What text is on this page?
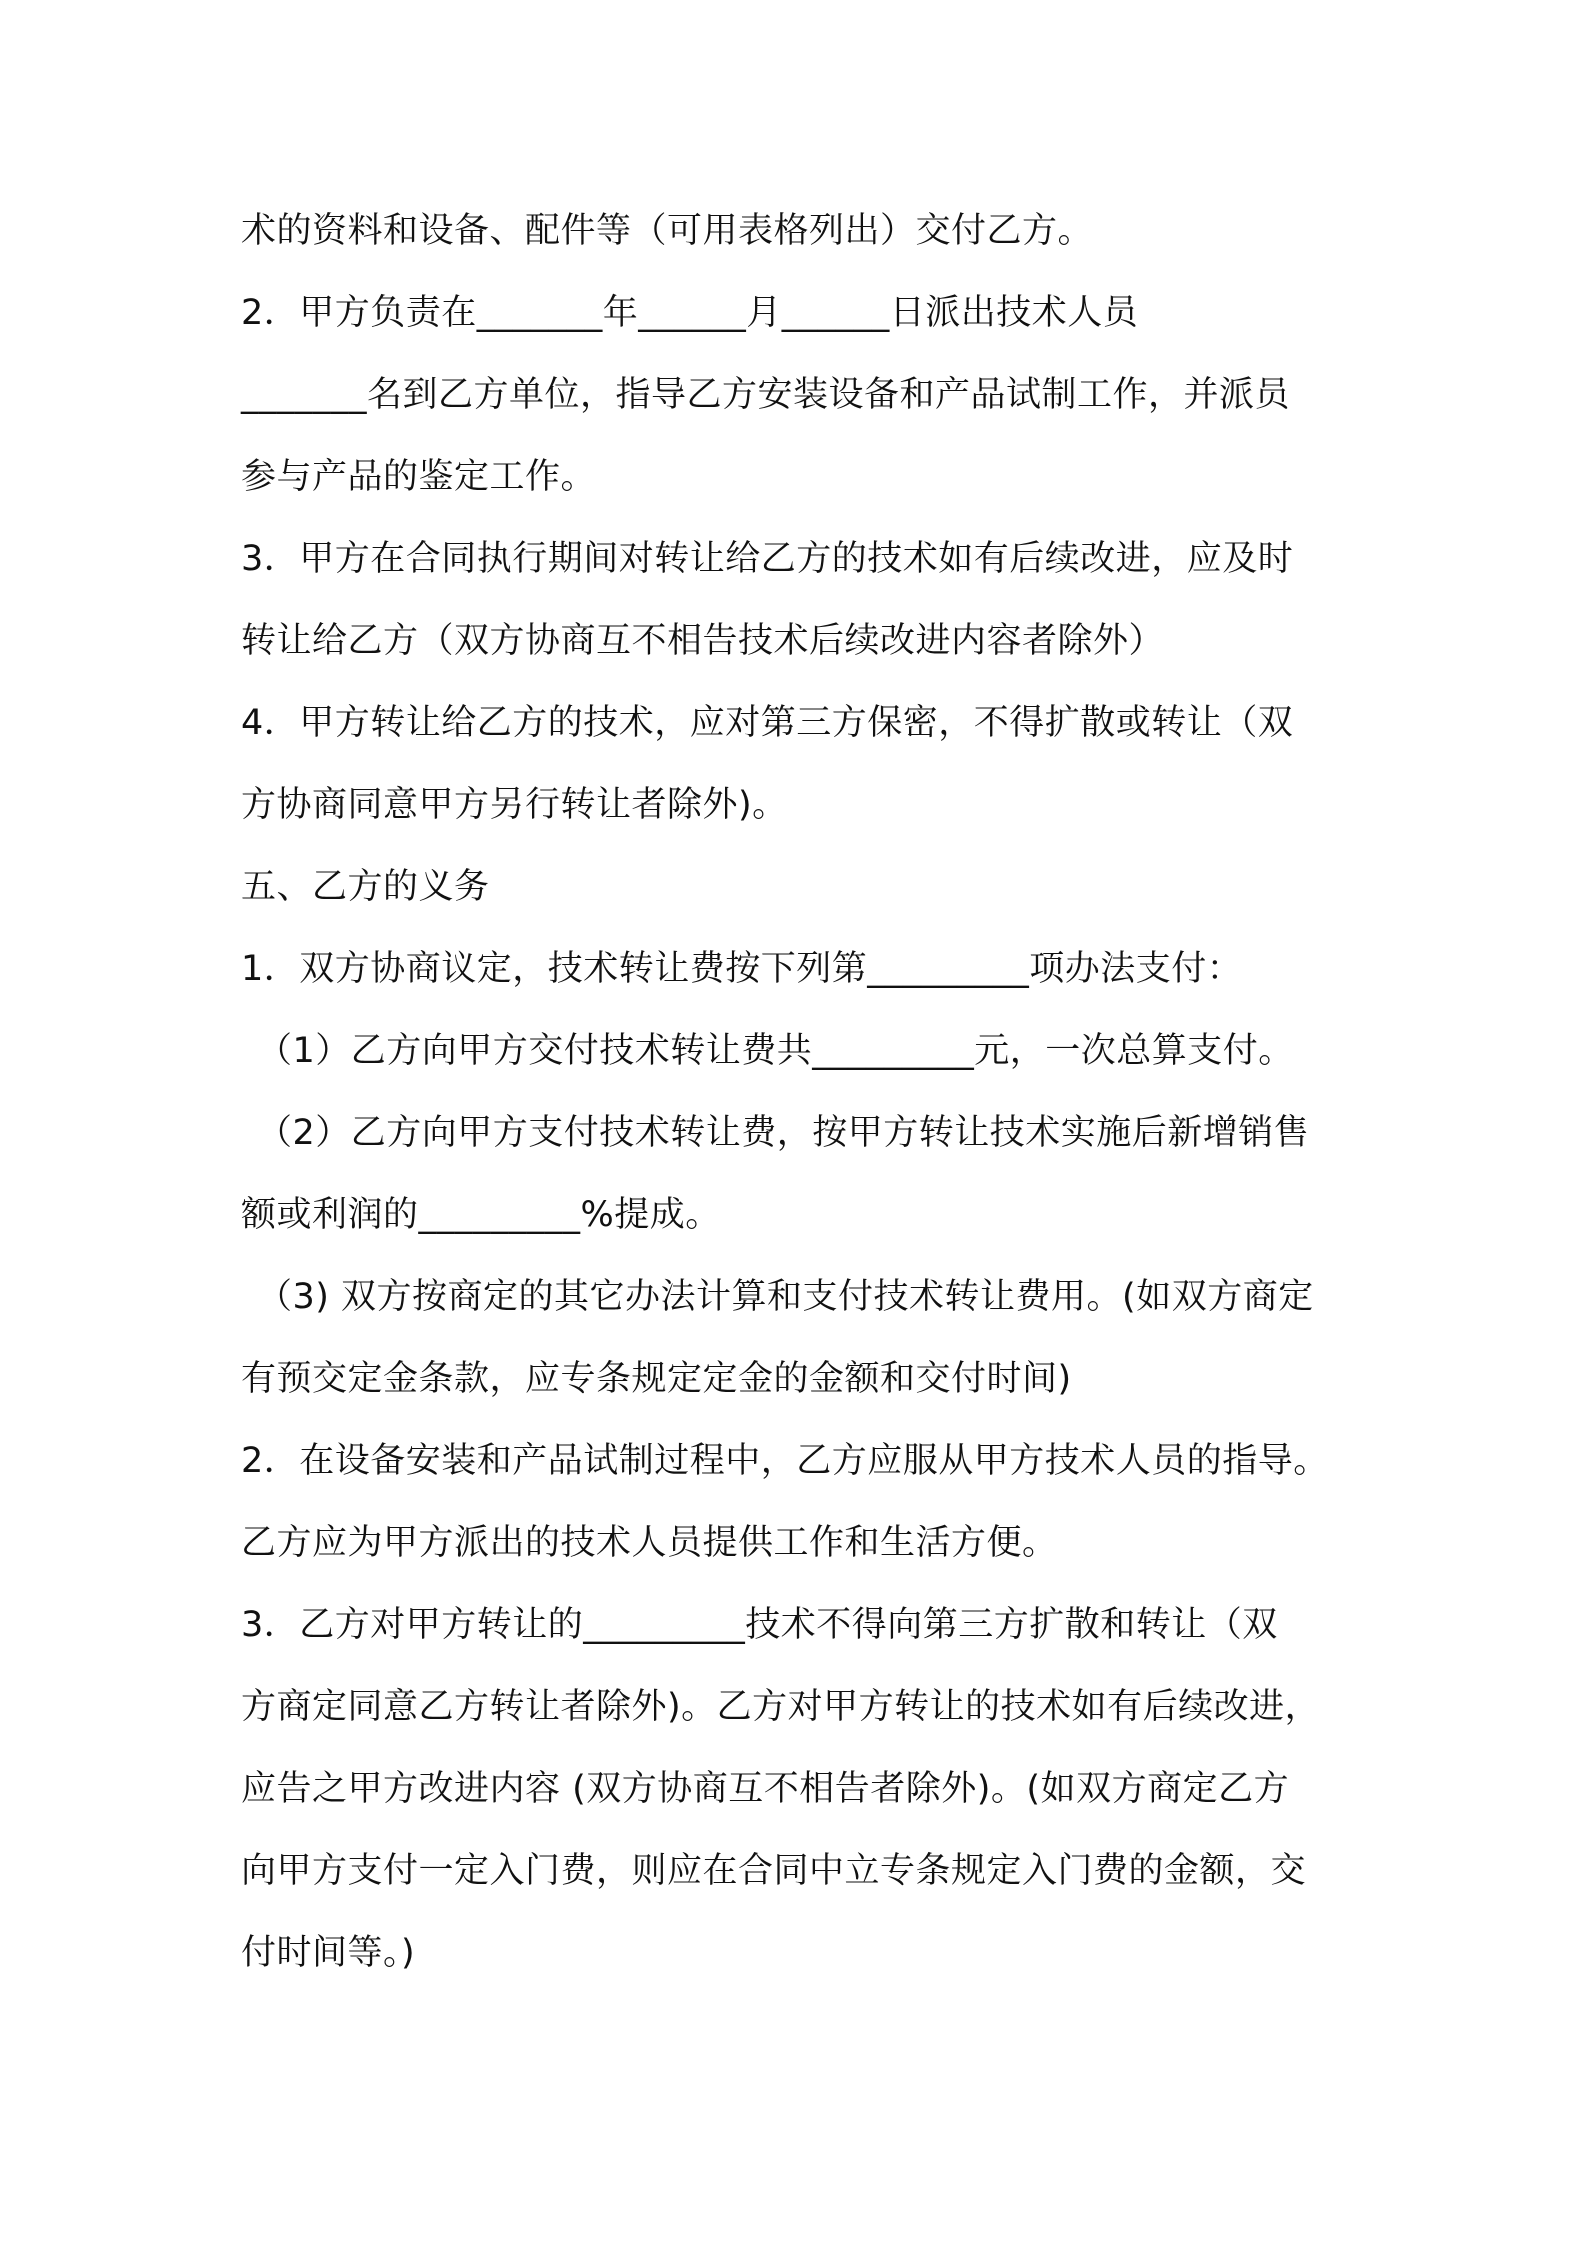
术的资料和设备、配件等（可用表格列出）交付乙方。
2．甲方负责在_______年______月______日派出技术人员
_______名到乙方单位，指导乙方安装设备和产品试制工作，并派员
参与产品的鉴定工作。
3．甲方在合同执行期间对转让给乙方的技术如有后续改进，应及时
转让给乙方（双方协商互不相告技术后续改进内容者除外）
4．甲方转让给乙方的技术，应对第三方保密，不得扩散或转让（双
方协商同意甲方另行转让者除外)。
五、乙方的义务
1．双方协商议定，技术转让费按下列第_________项办法支付：
（1）乙方向甲方交付技术转让费共_________元，一次总算支付。
（2）乙方向甲方支付技术转让费，按甲方转让技术实施后新增销售
额或利润的_________%提成。
（3) 双方按商定的其它办法计算和支付技术转让费用。(如双方商定
有预交定金条款，应专条规定定金的金额和交付时间)
2．在设备安装和产品试制过程中，乙方应服从甲方技术人员的指导。
乙方应为甲方派出的技术人员提供工作和生活方便。
3．乙方对甲方转让的_________技术不得向第三方扩散和转让（双
方商定同意乙方转让者除外)。乙方对甲方转让的技术如有后续改进，
应告之甲方改进内容 (双方协商互不相告者除外)。(如双方商定乙方
向甲方支付一定入门费，则应在合同中立专条规定入门费的金额，交
付时间等。)
